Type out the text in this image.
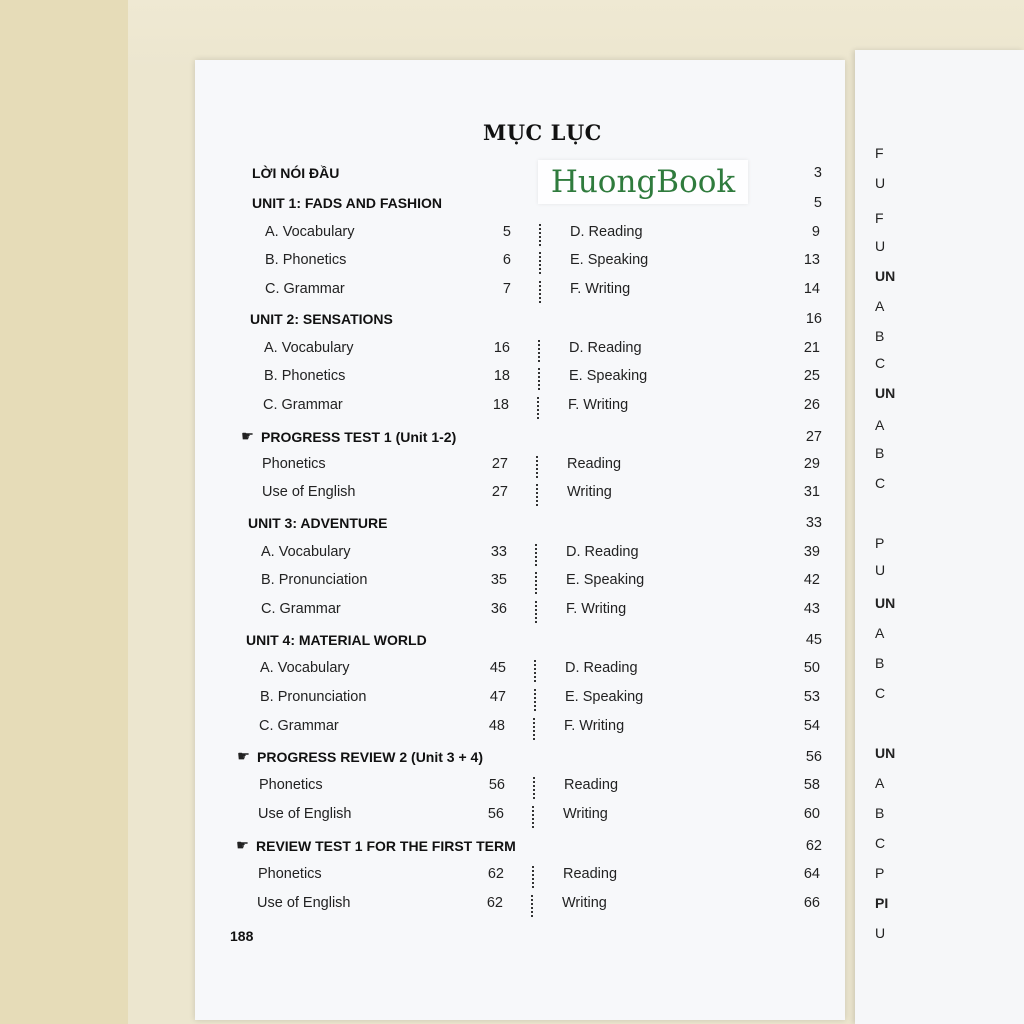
F
U
F
U
UN
A
B
C
UN
A
B
C
P
U
UN
A
B
C
UN
A
B
C
P
PI
U
MỤC LỤC
LỜI NÓI ĐẦU	3
UNIT 1: FADS AND FASHION	5
A. Vocabulary	5	D. Reading	9
B. Phonetics	6	E. Speaking	13
C. Grammar	7	F. Writing	14
UNIT 2: SENSATIONS	16
A. Vocabulary	16	D. Reading	21
B. Phonetics	18	E. Speaking	25
C. Grammar	18	F. Writing	26
☛ PROGRESS TEST 1 (Unit 1-2)	27
Phonetics	27	Reading	29
Use of English	27	Writing	31
UNIT 3: ADVENTURE	33
A. Vocabulary	33	D. Reading	39
B. Pronunciation	35	E. Speaking	42
C. Grammar	36	F. Writing	43
UNIT 4: MATERIAL WORLD	45
A. Vocabulary	45	D. Reading	50
B. Pronunciation	47	E. Speaking	53
C. Grammar	48	F. Writing	54
☛ PROGRESS REVIEW 2 (Unit 3 + 4)	56
Phonetics	56	Reading	58
Use of English	56	Writing	60
☛ REVIEW TEST 1 FOR THE FIRST TERM	62
Phonetics	62	Reading	64
Use of English	62	Writing	66
HuongBook
188
